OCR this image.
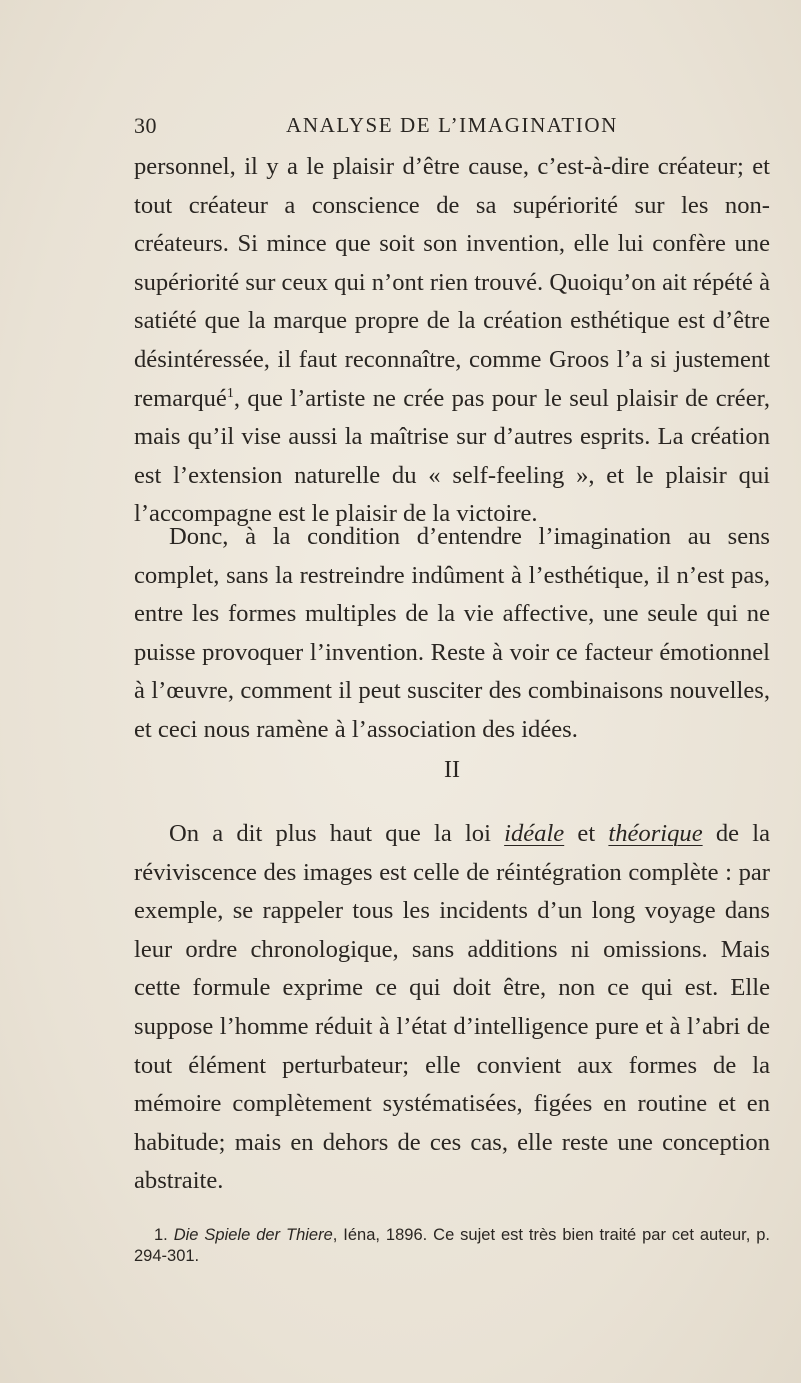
30	ANALYSE DE L’IMAGINATION

personnel, il y a le plaisir d’être cause, c’est-à-dire créateur; et tout créateur a conscience de sa supériorité sur les non-créateurs. Si mince que soit son invention, elle lui confère une supériorité sur ceux qui n’ont rien trouvé. Quoiqu’on ait répété à satiété que la marque propre de la création esthétique est d’être désintéressée, il faut reconnaître, comme Groos l’a si justement remarqué$^1$, que l’artiste ne crée pas pour le seul plaisir de créer, mais qu’il vise aussi la maîtrise sur d’autres esprits. La création est l’extension naturelle du « self-feeling », et le plaisir qui l’accompagne est le plaisir de la victoire.

Donc, à la condition d’entendre l’imagination au sens complet, sans la restreindre indûment à l’esthétique, il n’est pas, entre les formes multiples de la vie affective, une seule qui ne puisse provoquer l’invention. Reste à voir ce facteur émotionnel à l’œuvre, comment il peut susciter des combinaisons nouvelles, et ceci nous ramène à l’association des idées.

II

On a dit plus haut que la loi idéale et théorique de la réviviscence des images est celle de réintégration complète : par exemple, se rappeler tous les incidents d’un long voyage dans leur ordre chronologique, sans additions ni omissions. Mais cette formule exprime ce qui doit être, non ce qui est. Elle suppose l’homme réduit à l’état d’intelligence pure et à l’abri de tout élément perturbateur; elle convient aux formes de la mémoire complètement systématisées, figées en routine et en habitude; mais en dehors de ces cas, elle reste une conception abstraite.

1. Die Spiele der Thiere, Iéna, 1896. Ce sujet est très bien traité par cet auteur, p. 294-301.
